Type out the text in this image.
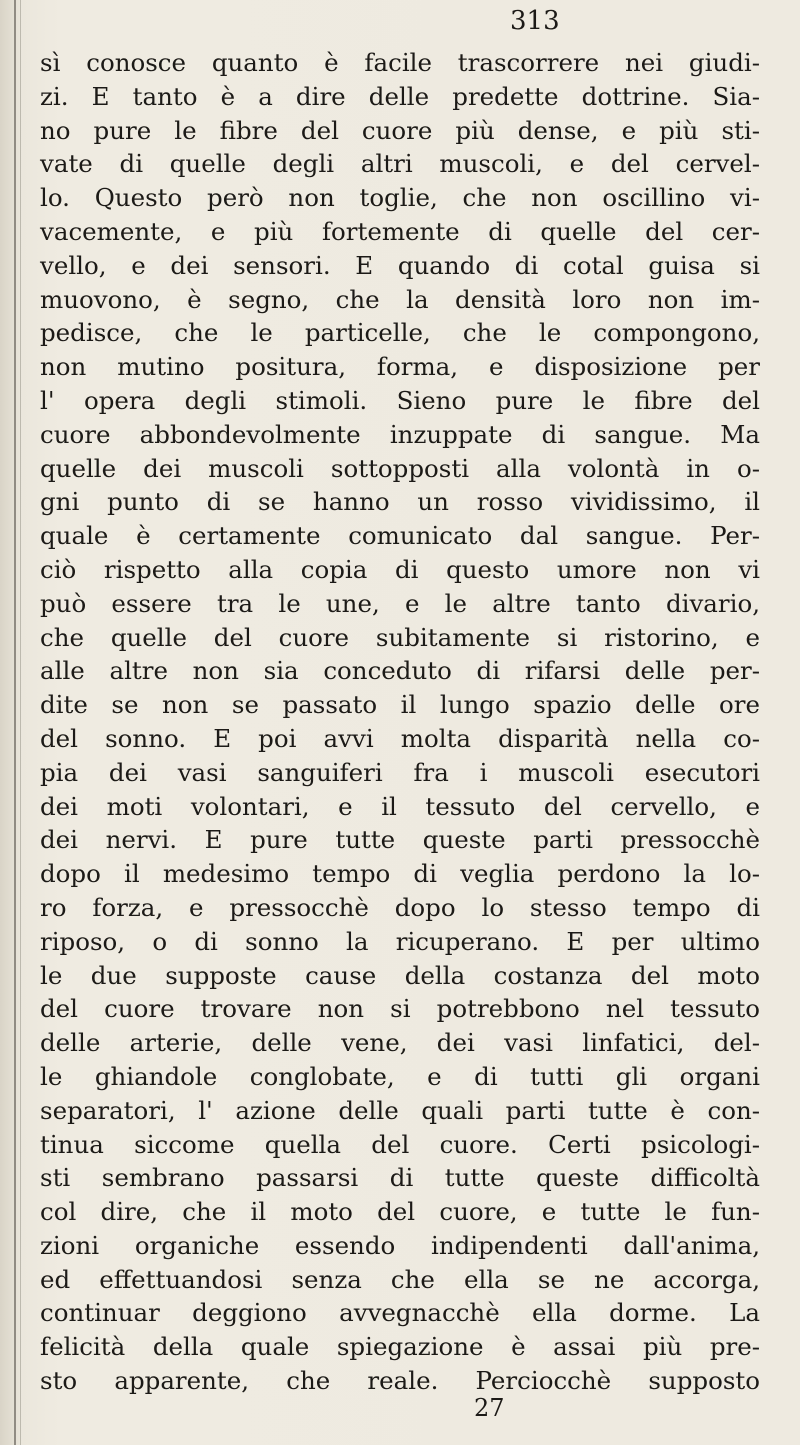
313
sì conosce quanto è facile trascorrere nei giudi-
zi. E tanto è a dire delle predette dottrine. Sia-
no pure le fibre del cuore più dense, e più sti-
vate di quelle degli altri muscoli, e del cervel-
lo. Questo però non toglie, che non oscillino vi-
vacemente, e più fortemente di quelle del cer-
vello, e dei sensori. E quando di cotal guisa si
muovono, è segno, che la densità loro non im-
pedisce, che le particelle, che le compongono,
non mutino positura, forma, e disposizione per
l' opera degli stimoli. Sieno pure le fibre del
cuore abbondevolmente inzuppate di sangue. Ma
quelle dei muscoli sottopposti alla volontà in o-
gni punto di se hanno un rosso vividissimo, il
quale è certamente comunicato dal sangue. Per-
ciò rispetto alla copia di questo umore non vi
può essere tra le une, e le altre tanto divario,
che quelle del cuore subitamente si ristorino, e
alle altre non sia conceduto di rifarsi delle per-
dite se non se passato il lungo spazio delle ore
del sonno. E poi avvi molta disparità nella co-
pia dei vasi sanguiferi fra i muscoli esecutori
dei moti volontari, e il tessuto del cervello, e
dei nervi. E pure tutte queste parti pressocchè
dopo il medesimo tempo di veglia perdono la lo-
ro forza, e pressocchè dopo lo stesso tempo di
riposo, o di sonno la ricuperano. E per ultimo
le due supposte cause della costanza del moto
del cuore trovare non si potrebbono nel tessuto
delle arterie, delle vene, dei vasi linfatici, del-
le ghiandole conglobate, e di tutti gli organi
separatori, l' azione delle quali parti tutte è con-
tinua siccome quella del cuore. Certi psicologi-
sti sembrano passarsi di tutte queste difficoltà
col dire, che il moto del cuore, e tutte le fun-
zioni organiche essendo indipendenti dall'anima,
ed effettuandosi senza che ella se ne accorga,
continuar deggiono avvegnacchè ella dorme. La
felicità della quale spiegazione è assai più pre-
sto apparente, che reale. Perciocchè supposto
27
